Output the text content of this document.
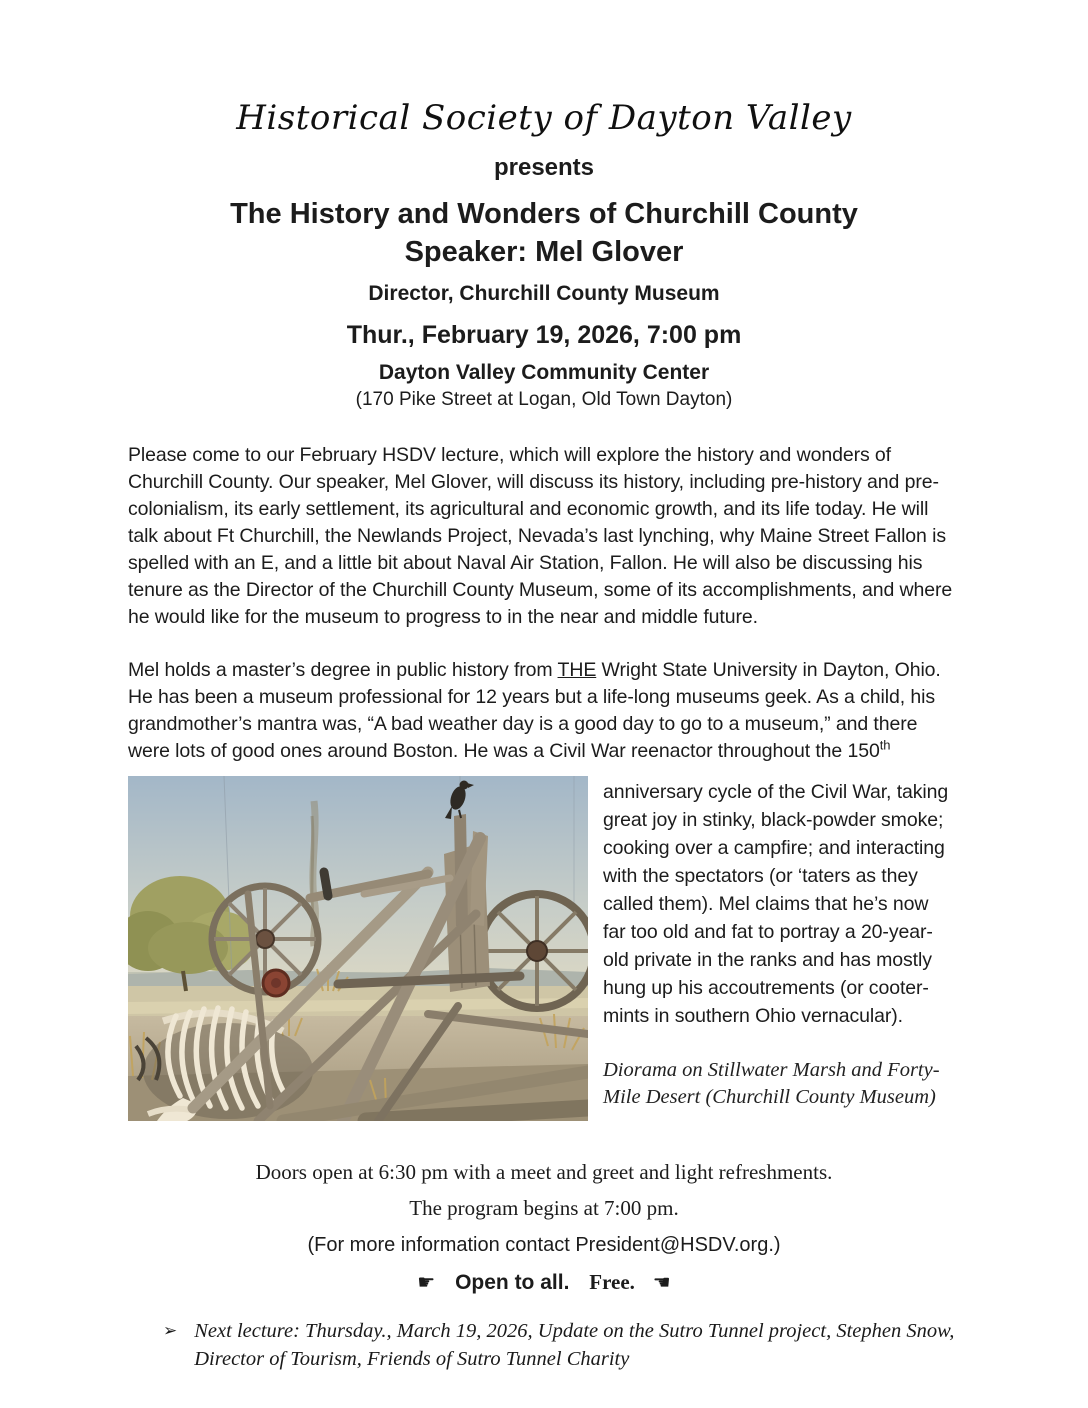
Historical Society of Dayton Valley
presents
The History and Wonders of Churchill County
Speaker: Mel Glover
Director, Churchill County Museum
Thur., February 19, 2026, 7:00 pm
Dayton Valley Community Center
(170 Pike Street at Logan, Old Town Dayton)

Please come to our February HSDV lecture, which will explore the history and wonders of Churchill County. Our speaker, Mel Glover, will discuss its history, including pre-history and pre-colonialism, its early settlement, its agricultural and economic growth, and its life today. He will talk about Ft Churchill, the Newlands Project, Nevada’s last lynching, why Maine Street Fallon is spelled with an E, and a little bit about Naval Air Station, Fallon. He will also be discussing his tenure as the Director of the Churchill County Museum, some of its accomplishments, and where he would like for the museum to progress to in the near and middle future.

Mel holds a master’s degree in public history from THE Wright State University in Dayton, Ohio. He has been a museum professional for 12 years but a life-long museums geek. As a child, his grandmother’s mantra was, “A bad weather day is a good day to go to a museum,” and there were lots of good ones around Boston. He was a Civil War reenactor throughout the 150th

anniversary cycle of the Civil War, taking great joy in stinky, black-powder smoke; cooking over a campfire; and interacting with the spectators (or ‘taters as they called them). Mel claims that he’s now far too old and fat to portray a 20-year-old private in the ranks and has mostly hung up his accoutrements (or cooter-mints in southern Ohio vernacular).

Diorama on Stillwater Marsh and Forty-Mile Desert (Churchill County Museum)

Doors open at 6:30 pm with a meet and greet and light refreshments.
The program begins at 7:00 pm.
(For more information contact President@HSDV.org.)
☛ Open to all. Free. ☚
➢ Next lecture: Thursday., March 19, 2026, Update on the Sutro Tunnel project, Stephen Snow, Director of Tourism, Friends of Sutro Tunnel Charity
